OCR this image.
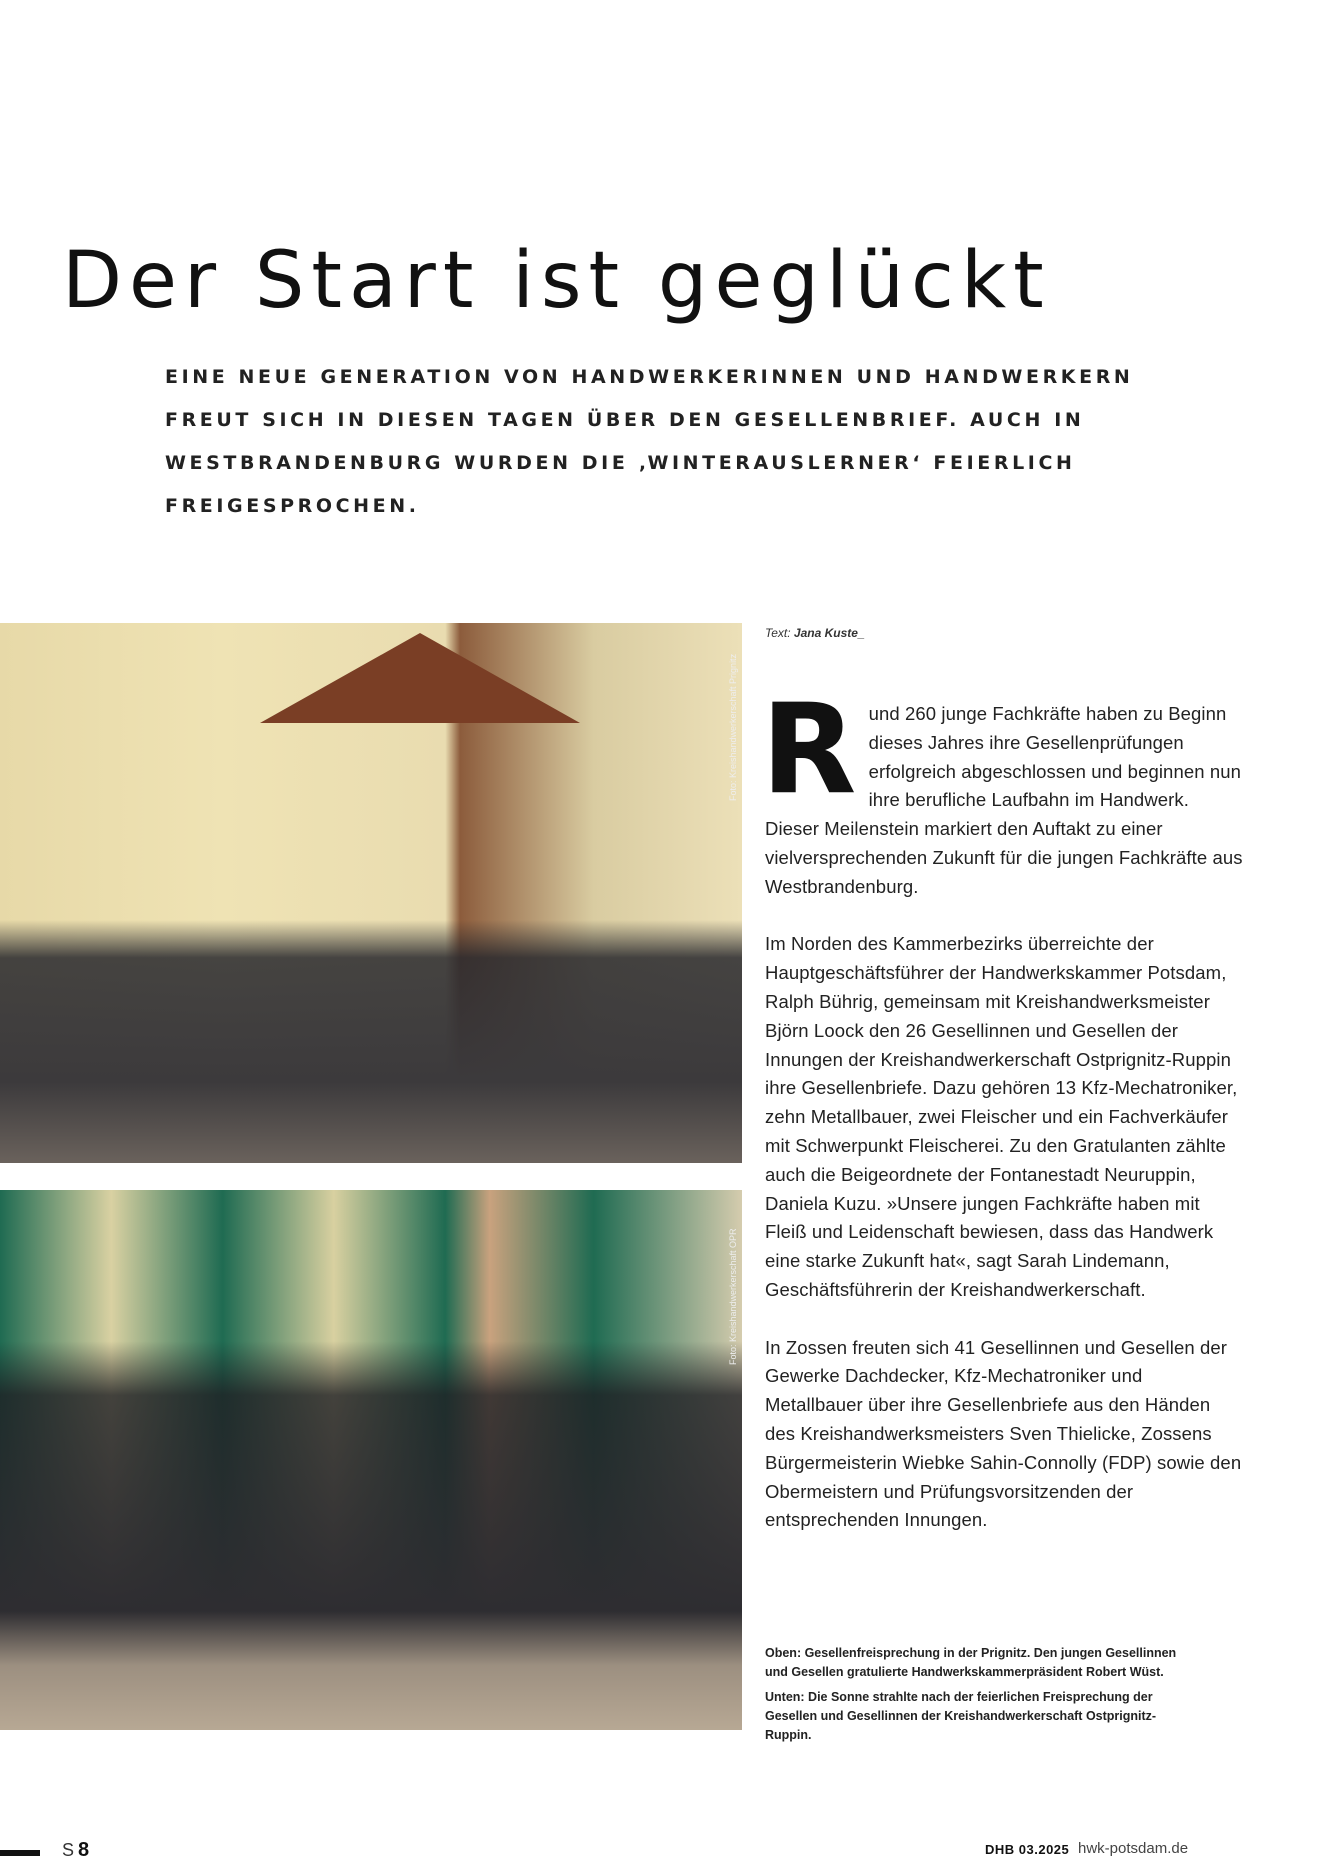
Der Start ist geglückt

EINE NEUE GENERATION VON HANDWERKERINNEN UND HANDWERKERN FREUT SICH IN DIESEN TAGEN ÜBER DEN GESELLENBRIEF. AUCH IN WESTBRANDENBURG WURDEN DIE ‚WINTERAUSLERNER‘ FEIERLICH FREIGESPROCHEN.

Foto: Kreishandwerkerschaft Prignitz
Foto: Kreishandwerkerschaft OPR
Text: Jana Kuste_

Rund 260 junge Fachkräfte haben zu Beginn dieses Jahres ihre Gesellenprüfungen erfolgreich abgeschlossen und beginnen nun ihre berufliche Laufbahn im Handwerk. Dieser Meilenstein markiert den Auftakt zu einer vielversprechenden Zukunft für die jungen Fachkräfte aus Westbrandenburg.

Im Norden des Kammerbezirks überreichte der Hauptgeschäftsführer der Handwerkskammer Potsdam, Ralph Bührig, gemeinsam mit Kreishandwerksmeister Björn Loock den 26 Gesellinnen und Gesellen der Innungen der Kreishandwerkerschaft Ostprignitz-Ruppin ihre Gesellenbriefe. Dazu gehören 13 Kfz-Mechatroniker, zehn Metallbauer, zwei Fleischer und ein Fachverkäufer mit Schwerpunkt Fleischerei. Zu den Gratulanten zählte auch die Beigeordnete der Fontanestadt Neuruppin, Daniela Kuzu. »Unsere jungen Fachkräfte haben mit Fleiß und Leidenschaft bewiesen, dass das Handwerk eine starke Zukunft hat«, sagt Sarah Lindemann, Geschäftsführerin der Kreishandwerkerschaft.

In Zossen freuten sich 41 Gesellinnen und Gesellen der Gewerke Dachdecker, Kfz-Mechatroniker und Metallbauer über ihre Gesellenbriefe aus den Händen des Kreishandwerksmeisters Sven Thielicke, Zossens Bürgermeisterin Wiebke Sahin-Connolly (FDP) sowie den Obermeistern und Prüfungsvorsitzenden der entsprechenden Innungen.

Oben: Gesellenfreisprechung in der Prignitz. Den jungen Gesellinnen und Gesellen gratulierte Handwerkskammerpräsident Robert Wüst.

Unten: Die Sonne strahlte nach der feierlichen Freisprechung der Gesellen und Gesellinnen der Kreishandwerkerschaft Ostprignitz-Ruppin.

S 8	DHB 03.2025 hwk-potsdam.de
